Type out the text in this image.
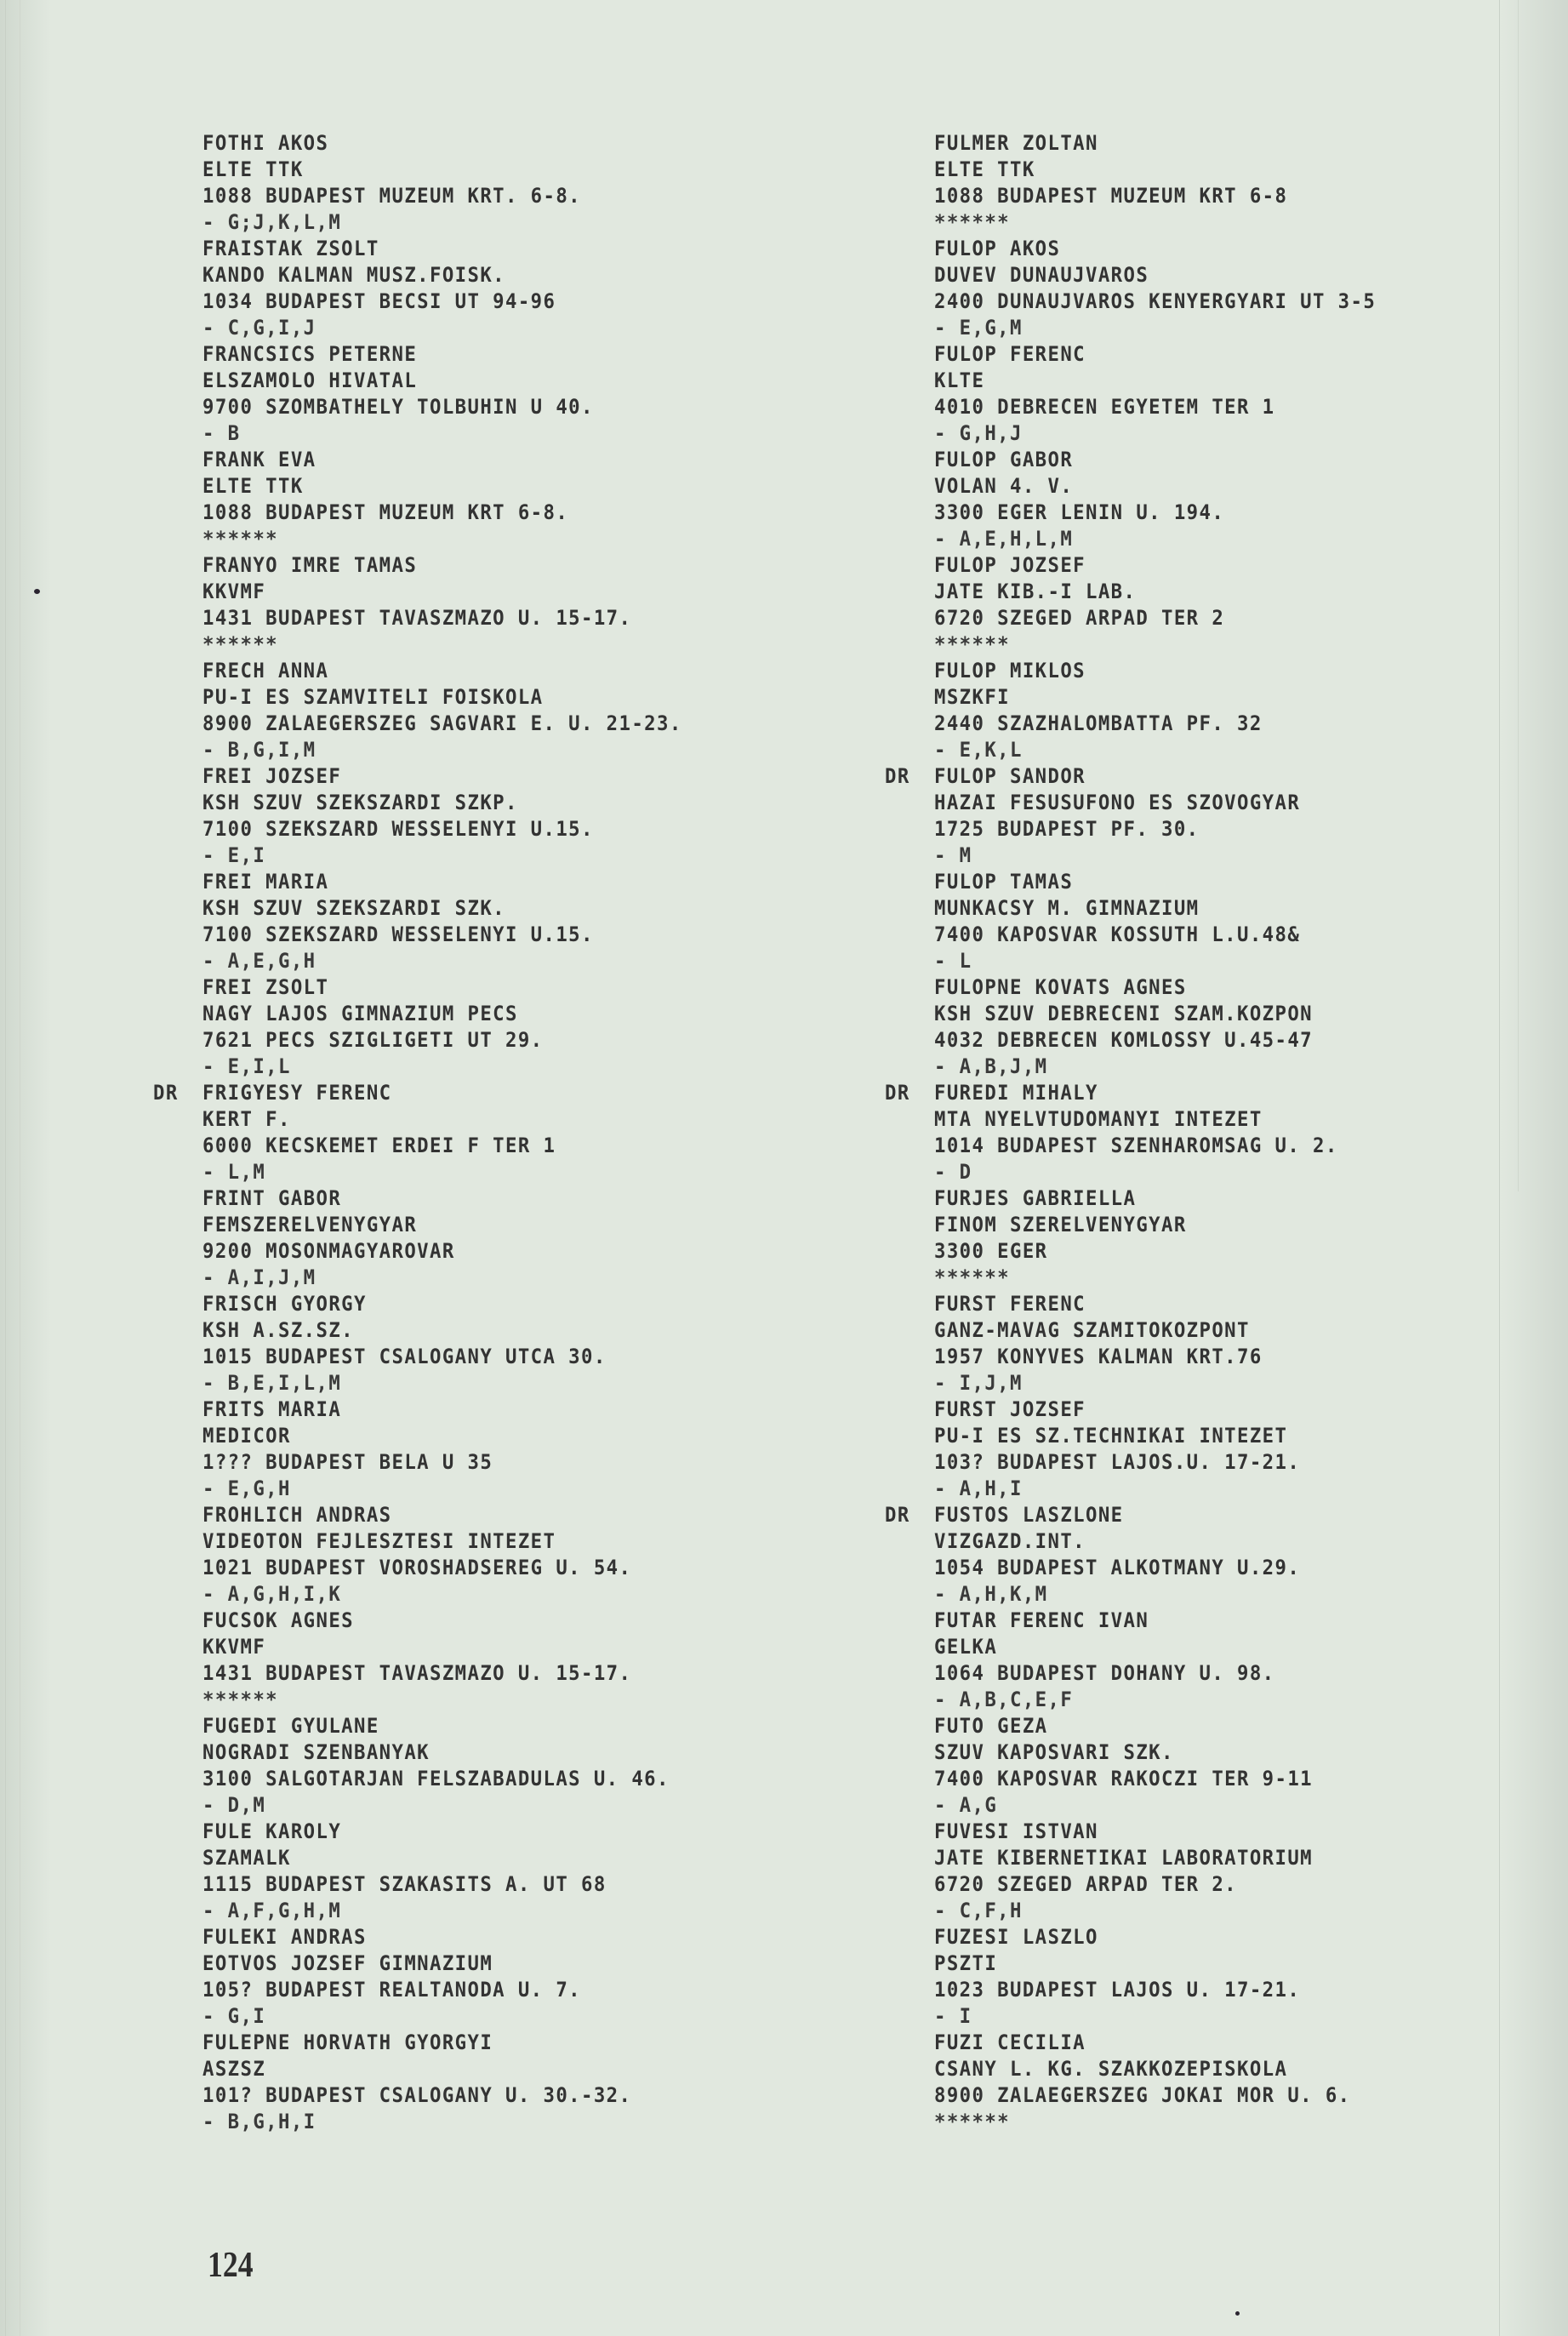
FOTHI AKOS
ELTE TTK
1088 BUDAPEST MUZEUM KRT. 6-8.
- G;J,K,L,M
FRAISTAK ZSOLT
KANDO KALMAN MUSZ.FOISK.
1034 BUDAPEST BECSI UT 94-96
- C,G,I,J
FRANCSICS PETERNE
ELSZAMOLO HIVATAL
9700 SZOMBATHELY TOLBUHIN U 40.
- B
FRANK EVA
ELTE TTK
1088 BUDAPEST MUZEUM KRT 6-8.
******
FRANYO IMRE TAMAS
KKVMF
1431 BUDAPEST TAVASZMAZO U. 15-17.
******
FRECH ANNA
PU-I ES SZAMVITELI FOISKOLA
8900 ZALAEGERSZEG SAGVARI E. U. 21-23.
- B,G,I,M
FREI JOZSEF
KSH SZUV SZEKSZARDI SZKP.
7100 SZEKSZARD WESSELENYI U.15.
- E,I
FREI MARIA
KSH SZUV SZEKSZARDI SZK.
7100 SZEKSZARD WESSELENYI U.15.
- A,E,G,H
FREI ZSOLT
NAGY LAJOS GIMNAZIUM PECS
7621 PECS SZIGLIGETI UT 29.
- E,I,L
DR FRIGYESY FERENC
KERT F.
6000 KECSKEMET ERDEI F TER 1
- L,M
FRINT GABOR
FEMSZERELVENYGYAR
9200 MOSONMAGYAROVAR
- A,I,J,M
FRISCH GYORGY
KSH A.SZ.SZ.
1015 BUDAPEST CSALOGANY UTCA 30.
- B,E,I,L,M
FRITS MARIA
MEDICOR
1??? BUDAPEST BELA U 35
- E,G,H
FROHLICH ANDRAS
VIDEOTON FEJLESZTESI INTEZET
1021 BUDAPEST VOROSHADSEREG U. 54.
- A,G,H,I,K
FUCSOK AGNES
KKVMF
1431 BUDAPEST TAVASZMAZO U. 15-17.
******
FUGEDI GYULANE
NOGRADI SZENBANYAK
3100 SALGOTARJAN FELSZABADULAS U. 46.
- D,M
FULE KAROLY
SZAMALK
1115 BUDAPEST SZAKASITS A. UT 68
- A,F,G,H,M
FULEKI ANDRAS
EOTVOS JOZSEF GIMNAZIUM
105? BUDAPEST REALTANODA U. 7.
- G,I
FULEPNE HORVATH GYORGYI
ASZSZ
101? BUDAPEST CSALOGANY U. 30.-32.
- B,G,H,I
FULMER ZOLTAN
ELTE TTK
1088 BUDAPEST MUZEUM KRT 6-8
******
FULOP AKOS
DUVEV DUNAUJVAROS
2400 DUNAUJVAROS KENYERGYARI UT 3-5
- E,G,M
FULOP FERENC
KLTE
4010 DEBRECEN EGYETEM TER 1
- G,H,J
FULOP GABOR
VOLAN 4. V.
3300 EGER LENIN U. 194.
- A,E,H,L,M
FULOP JOZSEF
JATE KIB.-I LAB.
6720 SZEGED ARPAD TER 2
******
FULOP MIKLOS
MSZKFI
2440 SZAZHALOMBATTA PF. 32
- E,K,L
DR FULOP SANDOR
HAZAI FESUSUFONO ES SZOVOGYAR
1725 BUDAPEST PF. 30.
- M
FULOP TAMAS
MUNKACSY M. GIMNAZIUM
7400 KAPOSVAR KOSSUTH L.U.48&
- L
FULOPNE KOVATS AGNES
KSH SZUV DEBRECENI SZAM.KOZPON
4032 DEBRECEN KOMLOSSY U.45-47
- A,B,J,M
DR FUREDI MIHALY
MTA NYELVTUDOMANYI INTEZET
1014 BUDAPEST SZENHAROMSAG U. 2.
- D
FURJES GABRIELLA
FINOM SZERELVENYGYAR
3300 EGER
******
FURST FERENC
GANZ-MAVAG SZAMITOKOZPONT
1957 KONYVES KALMAN KRT.76
- I,J,M
FURST JOZSEF
PU-I ES SZ.TECHNIKAI INTEZET
103? BUDAPEST LAJOS.U. 17-21.
- A,H,I
DR FUSTOS LASZLONE
VIZGAZD.INT.
1054 BUDAPEST ALKOTMANY U.29.
- A,H,K,M
FUTAR FERENC IVAN
GELKA
1064 BUDAPEST DOHANY U. 98.
- A,B,C,E,F
FUTO GEZA
SZUV KAPOSVARI SZK.
7400 KAPOSVAR RAKOCZI TER 9-11
- A,G
FUVESI ISTVAN
JATE KIBERNETIKAI LABORATORIUM
6720 SZEGED ARPAD TER 2.
- C,F,H
FUZESI LASZLO
PSZTI
1023 BUDAPEST LAJOS U. 17-21.
- I
FUZI CECILIA
CSANY L. KG. SZAKKOZEPISKOLA
8900 ZALAEGERSZEG JOKAI MOR U. 6.
******
124
